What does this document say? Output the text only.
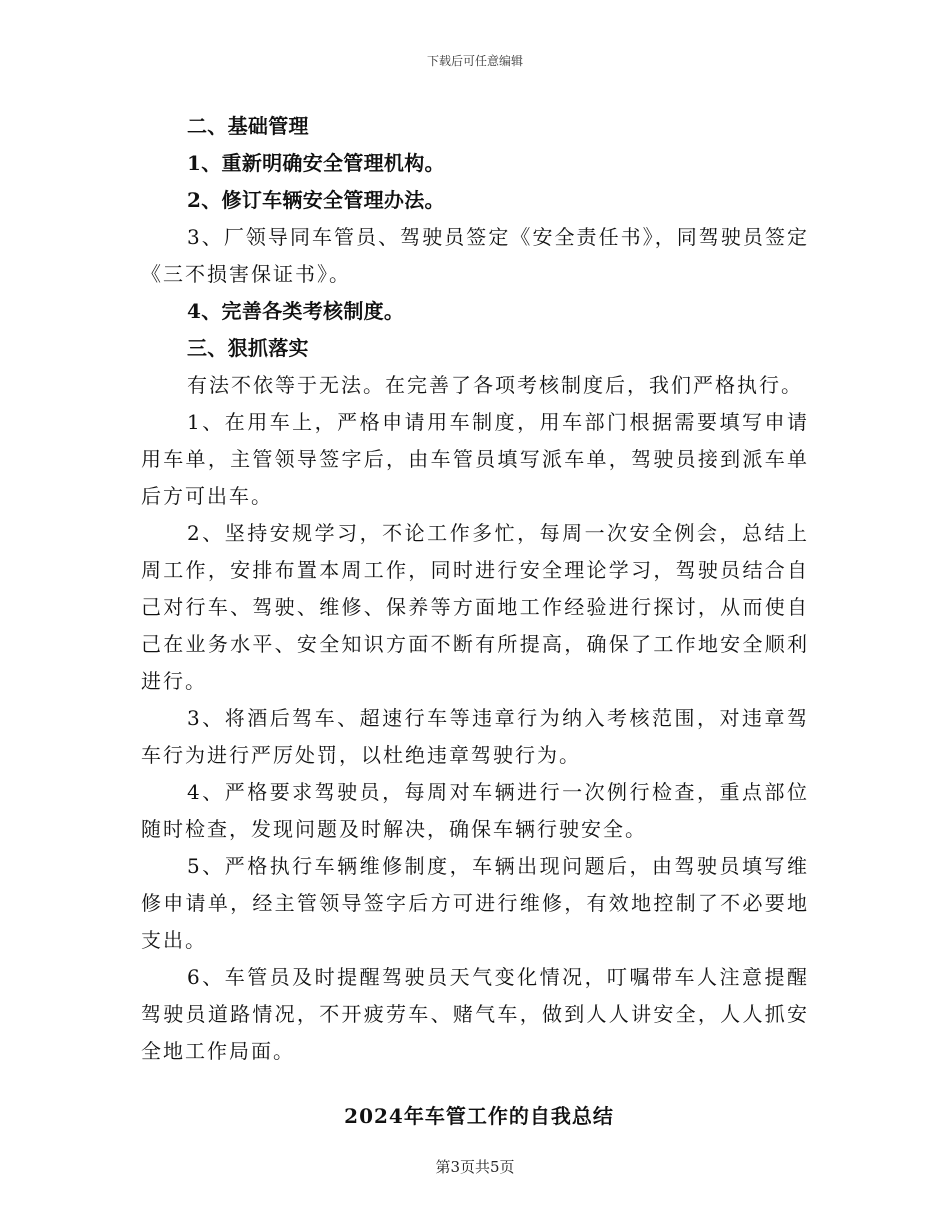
下载后可任意编辑

二、基础管理

1、重新明确安全管理机构。

2、修订车辆安全管理办法。

3、厂领导同车管员、驾驶员签定《安全责任书》，同驾驶员签定《三不损害保证书》。

4、完善各类考核制度。

三、狠抓落实

有法不依等于无法。在完善了各项考核制度后，我们严格执行。

1、在用车上，严格申请用车制度，用车部门根据需要填写申请用车单，主管领导签字后，由车管员填写派车单，驾驶员接到派车单后方可出车。

2、坚持安规学习，不论工作多忙，每周一次安全例会，总结上周工作，安排布置本周工作，同时进行安全理论学习，驾驶员结合自己对行车、驾驶、维修、保养等方面地工作经验进行探讨，从而使自己在业务水平、安全知识方面不断有所提高，确保了工作地安全顺利进行。

3、将酒后驾车、超速行车等违章行为纳入考核范围，对违章驾车行为进行严厉处罚，以杜绝违章驾驶行为。

4、严格要求驾驶员，每周对车辆进行一次例行检查，重点部位随时检查，发现问题及时解决，确保车辆行驶安全。

5、严格执行车辆维修制度，车辆出现问题后，由驾驶员填写维修申请单，经主管领导签字后方可进行维修，有效地控制了不必要地支出。

6、车管员及时提醒驾驶员天气变化情况，叮嘱带车人注意提醒驾驶员道路情况，不开疲劳车、赌气车，做到人人讲安全，人人抓安全地工作局面。

2024年车管工作的自我总结

第3页共5页
